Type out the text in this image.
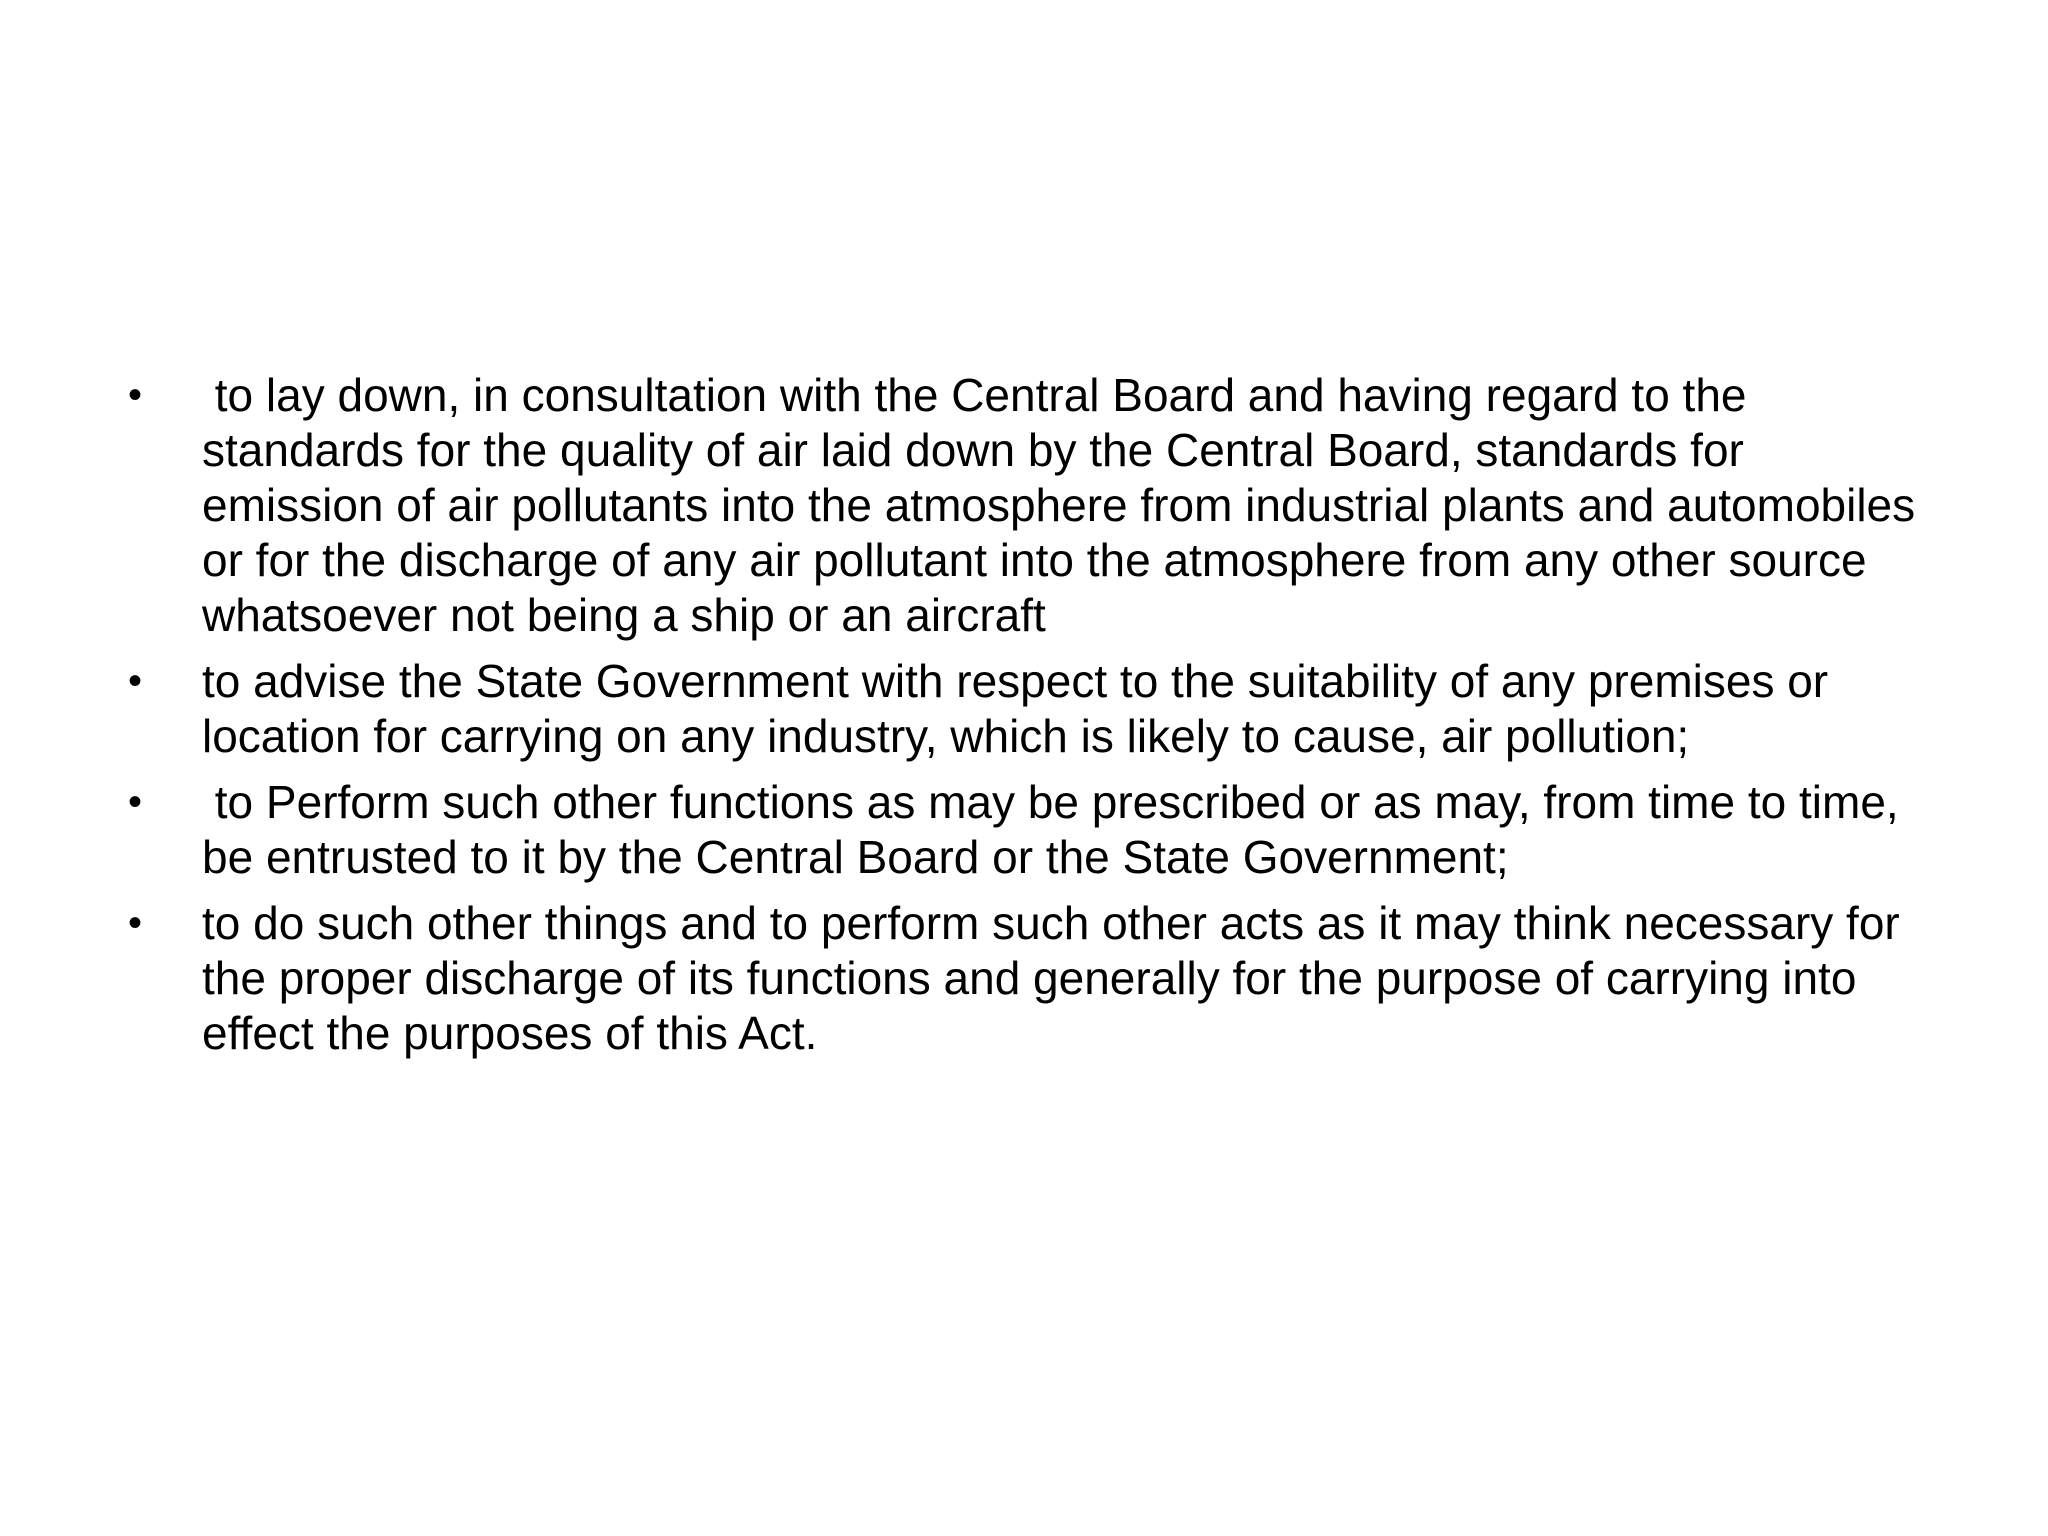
• to lay down, in consultation with the Central Board and having regard to the standards for the quality of air laid down by the Central Board, standards for emission of air pollutants into the atmosphere from industrial plants and automobiles or for the discharge of any air pollutant into the atmosphere from any other source whatsoever not being a ship or an aircraft
• to advise the State Government with respect to the suitability of any premises or location for carrying on any industry, which is likely to cause, air pollution;
• to Perform such other functions as may be prescribed or as may, from time to time, be entrusted to it by the Central Board or the State Government;
• to do such other things and to perform such other acts as it may think necessary for the proper discharge of its functions and generally for the purpose of carrying into effect the purposes of this Act.
